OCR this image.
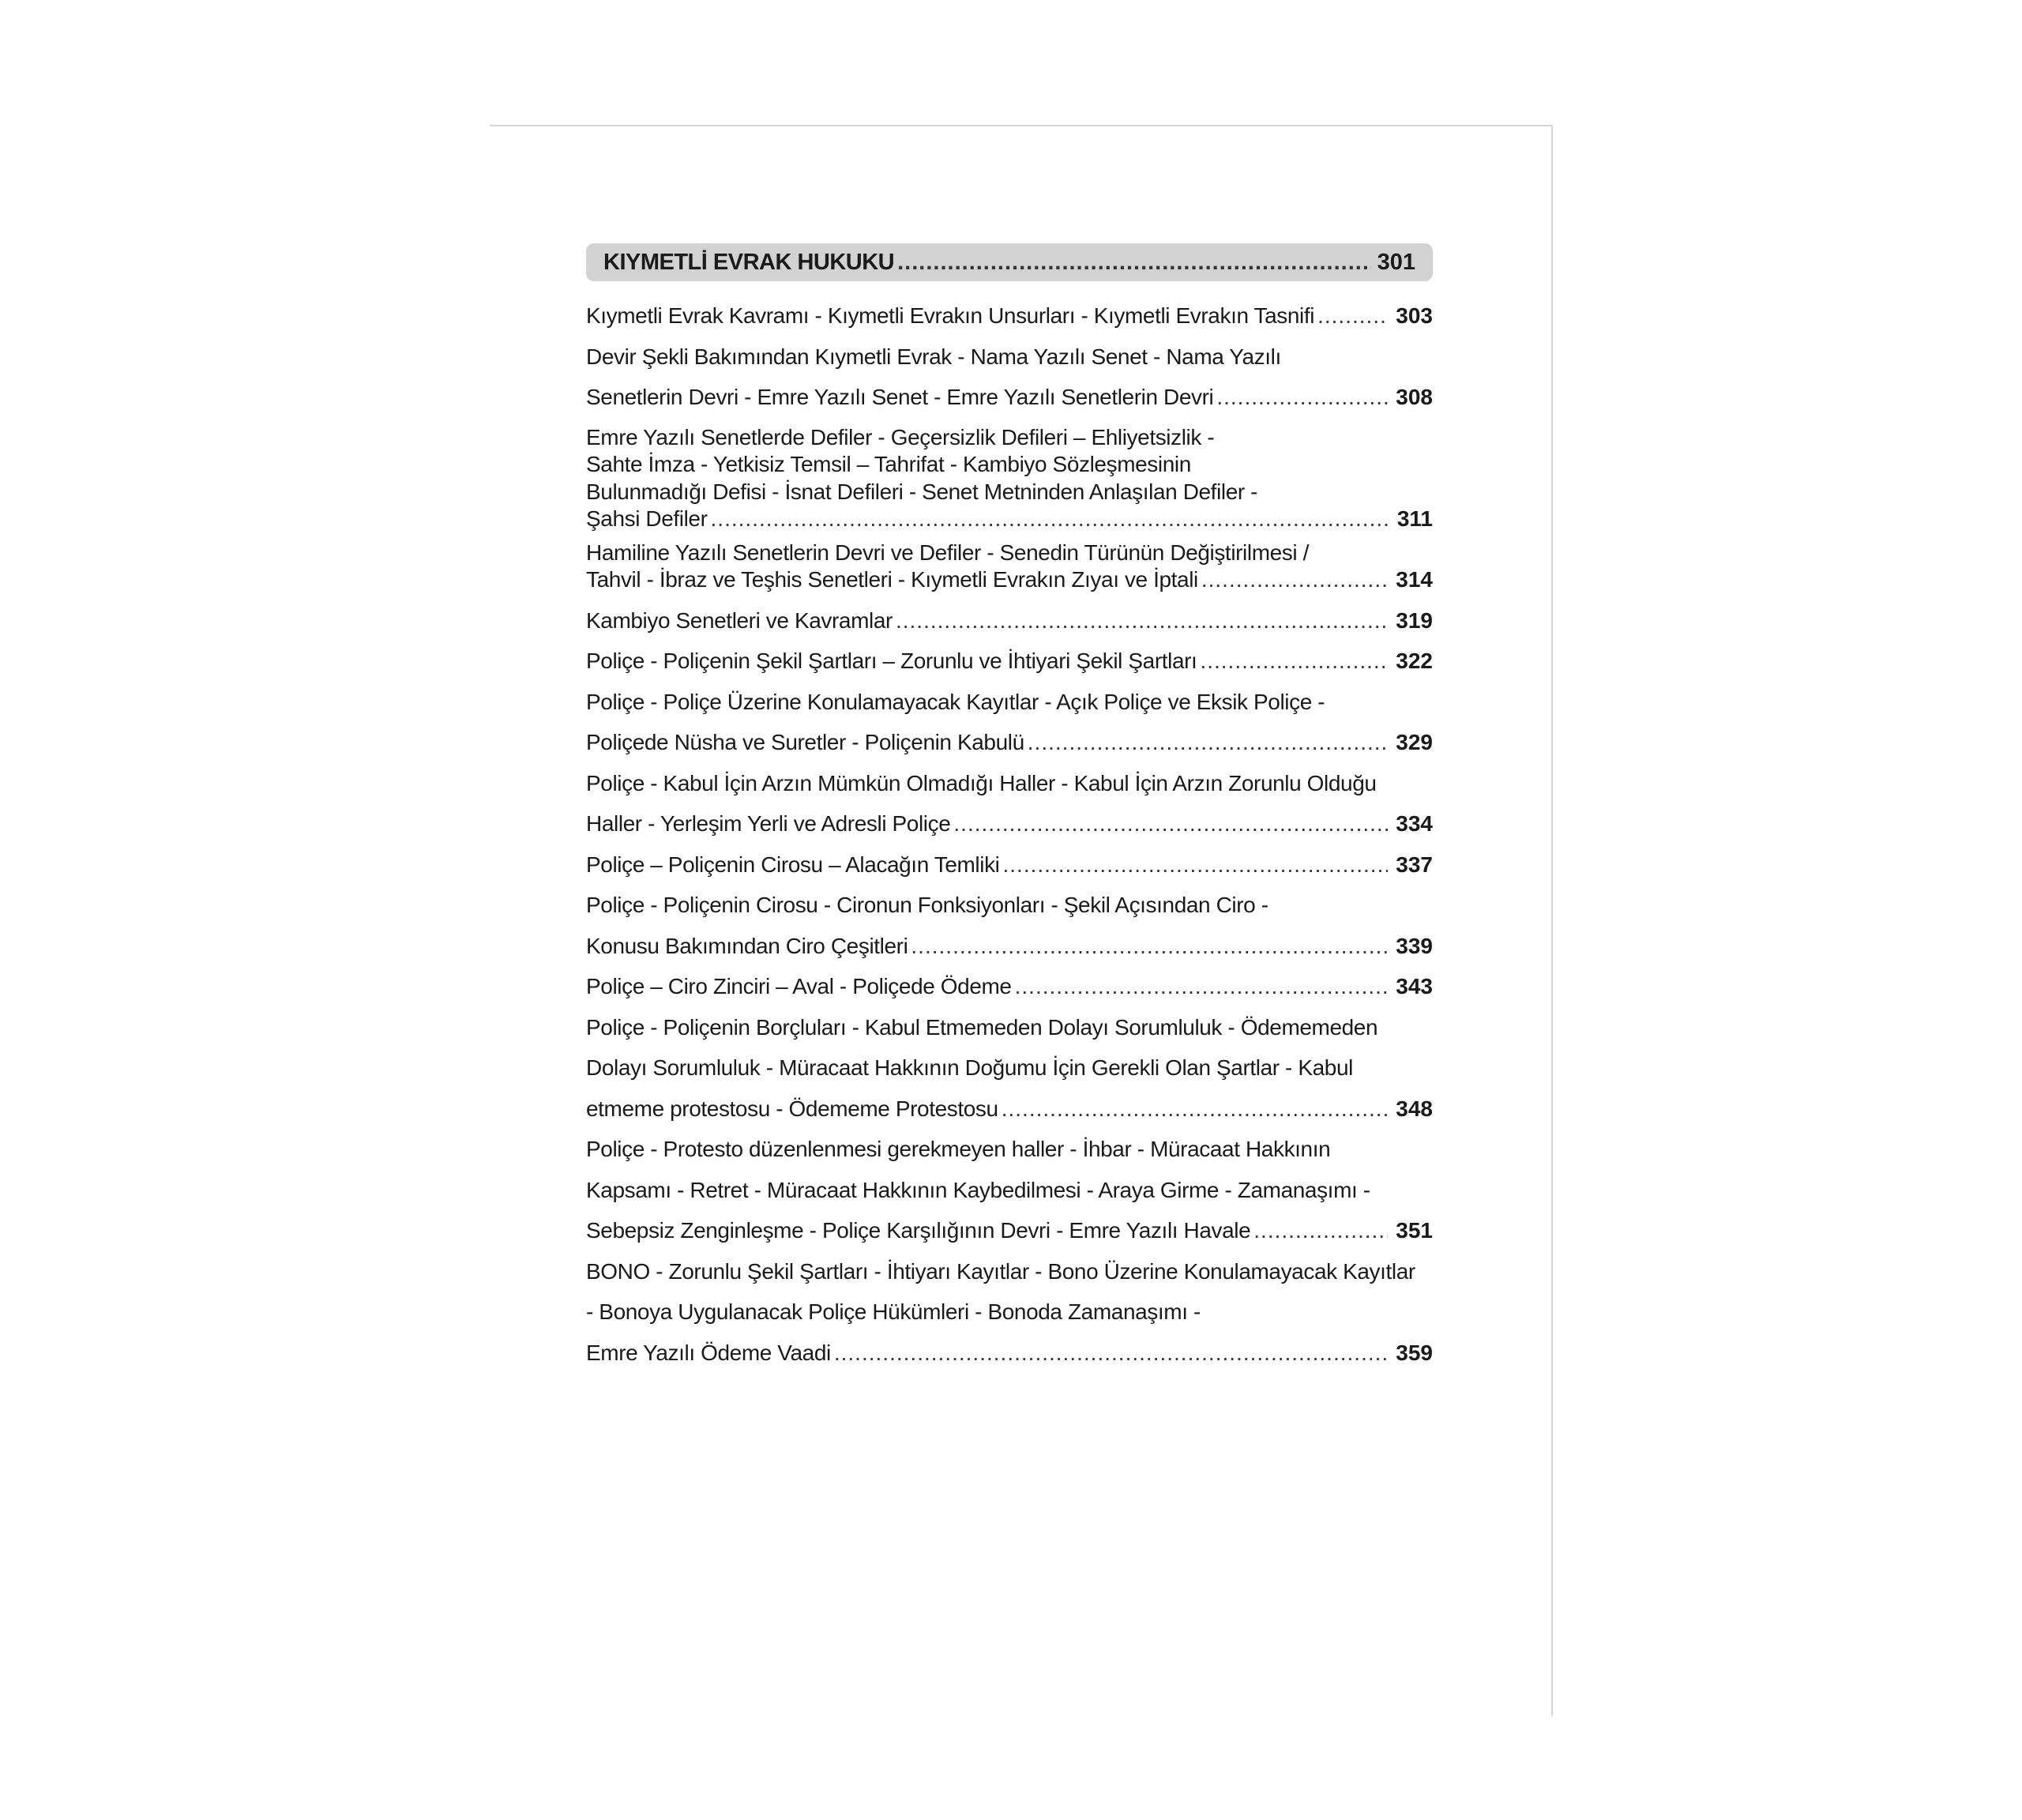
KIYMETLİ EVRAK HUKUKU .....	301
Kıymetli Evrak Kavramı - Kıymetli Evrakın Unsurları - Kıymetli Evrakın Tasnifi .....	303
Devir Şekli Bakımından Kıymetli Evrak - Nama Yazılı Senet - Nama Yazılı
Senetlerin Devri - Emre Yazılı Senet - Emre Yazılı Senetlerin Devri .....	308
Emre Yazılı Senetlerde Defiler - Geçersizlik Defileri – Ehliyetsizlik -
Sahte İmza - Yetkisiz Temsil – Tahrifat - Kambiyo Sözleşmesinin
Bulunmadığı Defisi - İsnat Defileri - Senet Metninden Anlaşılan Defiler -
Şahsi Defiler .....	311
Hamiline Yazılı Senetlerin Devri ve Defiler - Senedin Türünün Değiştirilmesi /
Tahvil - İbraz ve Teşhis Senetleri - Kıymetli Evrakın Zıyaı ve İptali .....	314
Kambiyo Senetleri ve Kavramlar .....	319
Poliçe - Poliçenin Şekil Şartları – Zorunlu ve İhtiyari Şekil Şartları .....	322
Poliçe - Poliçe Üzerine Konulamayacak Kayıtlar - Açık Poliçe ve Eksik Poliçe -
Poliçede Nüsha ve Suretler - Poliçenin Kabulü .....	329
Poliçe - Kabul İçin Arzın Mümkün Olmadığı Haller - Kabul İçin Arzın Zorunlu Olduğu
Haller - Yerleşim Yerli ve Adresli Poliçe .....	334
Poliçe – Poliçenin Cirosu – Alacağın Temliki .....	337
Poliçe - Poliçenin Cirosu - Cironun Fonksiyonları - Şekil Açısından Ciro -
Konusu Bakımından Ciro Çeşitleri .....	339
Poliçe – Ciro Zinciri – Aval - Poliçede Ödeme .....	343
Poliçe - Poliçenin Borçluları - Kabul Etmemeden Dolayı Sorumluluk - Ödememeden
Dolayı Sorumluluk - Müracaat Hakkının Doğumu İçin Gerekli Olan Şartlar - Kabul
etmeme protestosu - Ödememe Protestosu .....	348
Poliçe - Protesto düzenlenmesi gerekmeyen haller - İhbar - Müracaat Hakkının
Kapsamı - Retret - Müracaat Hakkının Kaybedilmesi - Araya Girme - Zamanaşımı -
Sebepsiz Zenginleşme - Poliçe Karşılığının Devri - Emre Yazılı Havale .....	351
BONO - Zorunlu Şekil Şartları - İhtiyarı Kayıtlar - Bono Üzerine Konulamayacak Kayıtlar
- Bonoya Uygulanacak Poliçe Hükümleri - Bonoda Zamanaşımı -
Emre Yazılı Ödeme Vaadi .....	359
